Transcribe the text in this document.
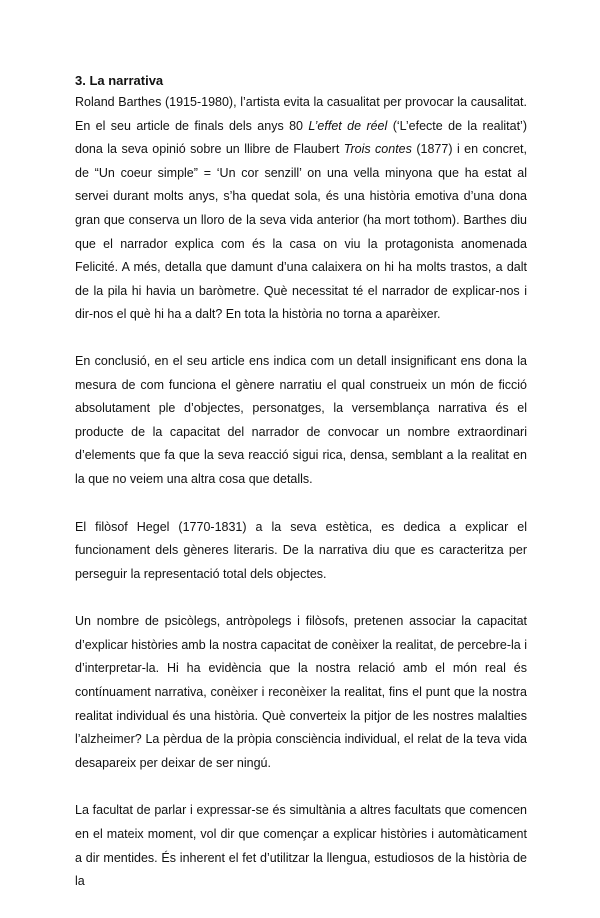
3. La narrativa

Roland Barthes (1915-1980), l’artista evita la casualitat per provocar la causalitat. En el seu article de finals dels anys 80 L’effet de réel (‘L’efecte de la realitat’) dona la seva opinió sobre un llibre de Flaubert Trois contes (1877) i en concret, de “Un coeur simple” = ‘Un cor senzill’ on una vella minyona que ha estat al servei durant molts anys, s’ha quedat sola, és una història emotiva d’una dona gran que conserva un lloro de la seva vida anterior (ha mort tothom). Barthes diu que el narrador explica com és la casa on viu la protagonista anomenada Felicité. A més, detalla que damunt d’una calaixera on hi ha molts trastos, a dalt de la pila hi havia un baròmetre. Què necessitat té el narrador de explicar-nos i dir-nos el què hi ha a dalt? En tota la història no torna a aparèixer.

En conclusió, en el seu article ens indica com un detall insignificant ens dona la mesura de com funciona el gènere narratiu el qual construeix un món de ficció absolutament ple d’objectes, personatges, la versemblança narrativa és el producte de la capacitat del narrador de convocar un nombre extraordinari d’elements que fa que la seva reacció sigui rica, densa, semblant a la realitat en la que no veiem una altra cosa que detalls.

El filòsof Hegel (1770-1831) a la seva estètica, es dedica a explicar el funcionament dels gèneres literaris. De la narrativa diu que es caracteritza per perseguir la representació total dels objectes.

Un nombre de psicòlegs, antròpolegs i filòsofs, pretenen associar la capacitat d’explicar històries amb la nostra capacitat de conèixer la realitat, de percebre-la i d’interpretar-la. Hi ha evidència que la nostra relació amb el món real és contínuament narrativa, conèixer i reconèixer la realitat, fins el punt que la nostra realitat individual és una història. Què converteix la pitjor de les nostres malalties l’alzheimer? La pèrdua de la pròpia consciència individual, el relat de la teva vida desapareix per deixar de ser ningú.

La facultat de parlar i expressar-se és simultània a altres facultats que comencen en el mateix moment, vol dir que començar a explicar històries i automàticament a dir mentides. És inherent el fet d’utilitzar la llengua, estudiosos de la història de la
